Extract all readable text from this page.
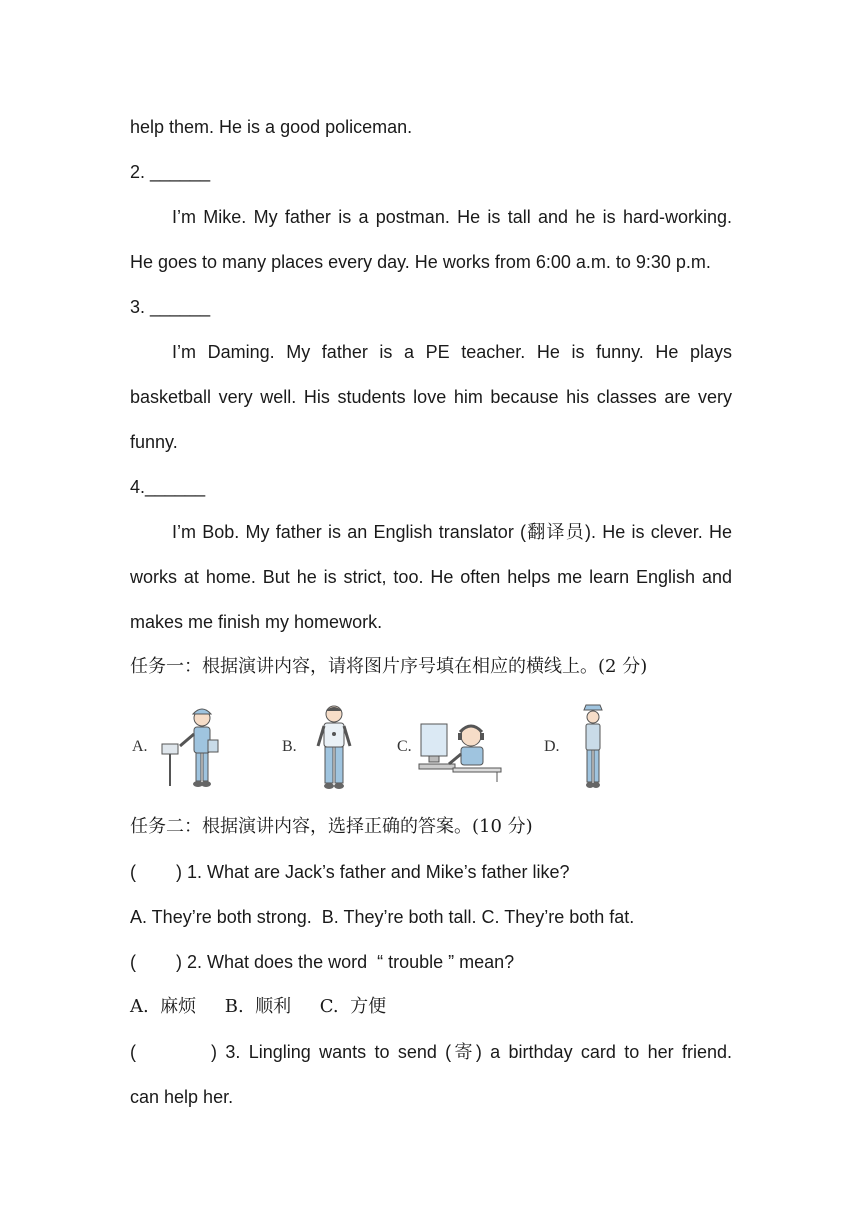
help them. He is a good policeman.
2. ______
I’m Mike. My father is a postman. He is tall and he is hard-working.
He goes to many places every day. He works from 6:00 a.m. to 9:30 p.m.
3. ______
I’m Daming. My father is a PE teacher. He is funny. He plays
basketball very well. His students love him because his classes are very
funny.
4.______
I’m Bob. My father is an English translator (翻译员). He is clever. He
works at home. But he is strict, too. He often helps me learn English and
makes me finish my homework.
任务一：根据演讲内容，请将图片序号填在相应的横线上。(2 分)
A.	B.	C.	D.
任务二：根据演讲内容，选择正确的答案。(10 分)
(        ) 1. What are Jack’s father and Mike’s father like?
A. They’re both strong.  B. They’re both tall. C. They’re both fat.
(        ) 2. What does the word  “ trouble ” mean?
A.  麻烦     B.  顺利     C.  方便
(         ) 3. Lingling wants to send (寄) a birthday card to her friend.
can help her.
